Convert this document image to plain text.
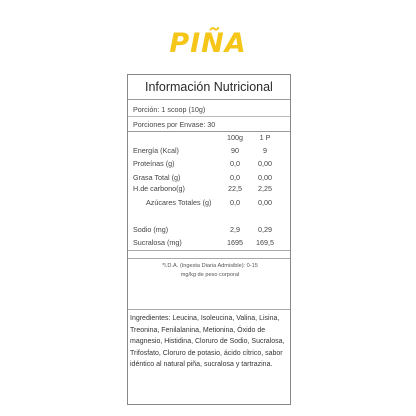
PIÑA
Información Nutricional
Porción: 1 scoop (10g)
Porciones por Envase: 30
100g	1 P
Energía (Kcal)	90	9
Proteínas (g)	0,0	0,00
Grasa Total (g)	0,0	0,00
H.de carbono(g)	22,5	2,25
Azúcares Totales (g)	0,0	0,00
Sodio (mg)	2,9	0,29
Sucralosa (mg)	1695	169,5
*I.D.A. (Ingesta Diaria Admisible): 0-15
mg/kg de peso corporal
Ingredientes: Leucina, Isoleucina, Valina, Lisina, Treonina, Fenilalanina, Metionina, Óxido de magnesio, Histidina, Cloruro de Sodio, Sucralosa, Trifosfato, Cloruro de potasio, ácido cítrico, sabor idéntico al natural piña, sucralosa y tartrazina.
